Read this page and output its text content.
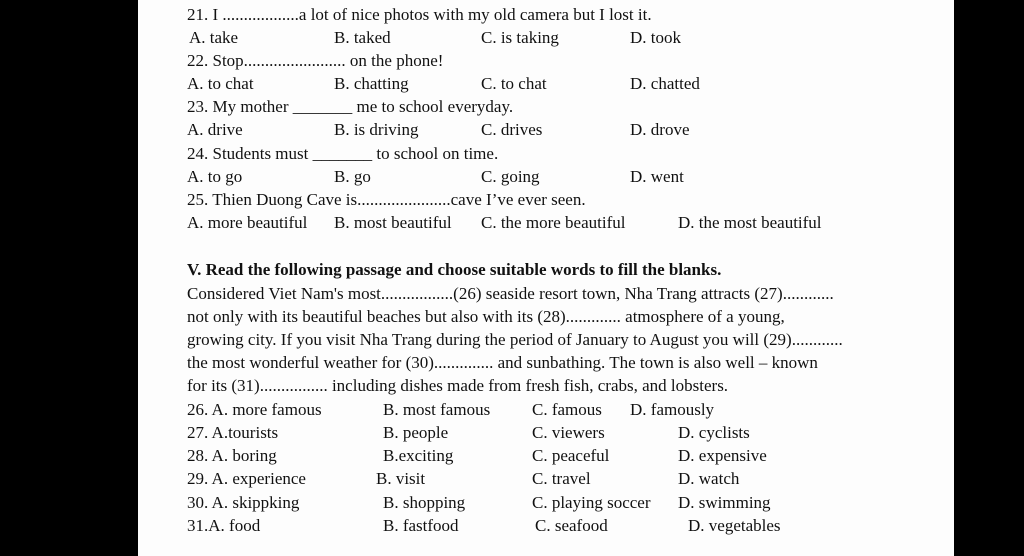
21. I ..................a lot of nice photos with my old camera but I lost it.
A. take	B. taked	C. is taking	D. took
22. Stop........................ on the phone!
A. to chat	B. chatting	C. to chat	D. chatted
23. My mother _______ me to school everyday.
A. drive	B. is driving	C. drives	D. drove
24. Students must _______ to school on time.
A. to go	B. go	C. going	D. went
25. Thien Duong Cave is......................cave I’ve ever seen.
A. more beautiful B. most beautiful C. the more beautiful	D. the most beautiful
V. Read the following passage and choose suitable words to fill the blanks.
Considered Viet Nam's most.................(26) seaside resort town, Nha Trang attracts (27)............
not only with its beautiful beaches but also with its (28)............. atmosphere of a young,
growing city. If you visit Nha Trang during the period of January to August you will (29)............
the most wonderful weather for (30).............. and sunbathing. The town is also well – known
for its (31)................ including dishes made from fresh fish, crabs, and lobsters.
26. A. more famous	B. most famous C. famous D. famously
27. A.tourists	B. people	C. viewers	D. cyclists
28. A. boring	B.exciting	C. peaceful	D. expensive
29. A. experience	B. visit	C. travel	D. watch
30. A. skippking	B. shopping	C. playing soccer D. swimming
31.A. food	B. fastfood	C. seafood	D. vegetables
